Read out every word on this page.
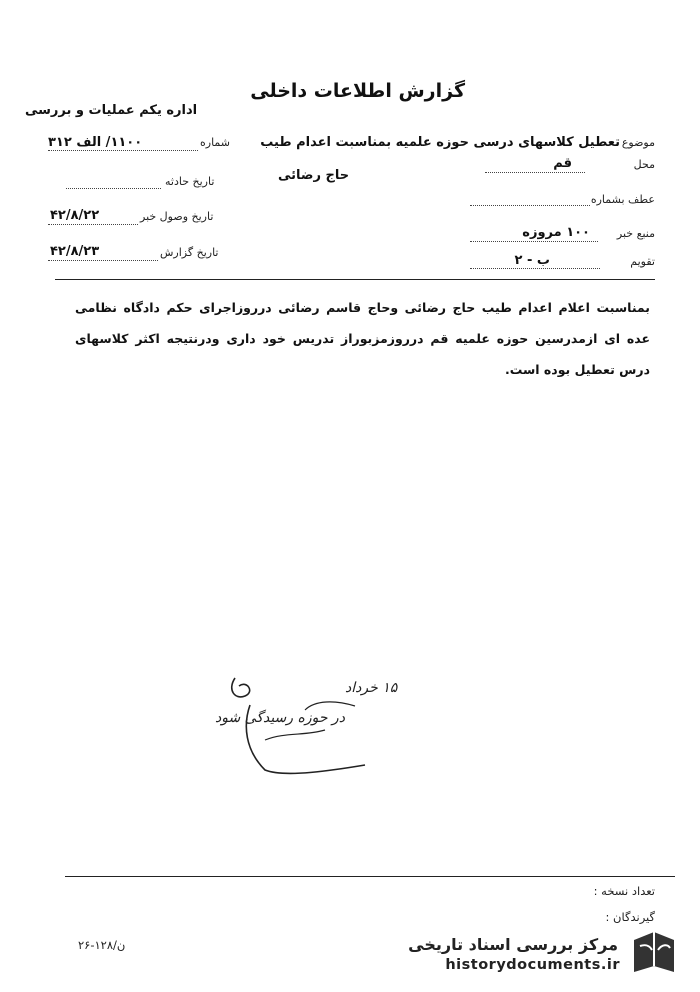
گزارش اطلاعات داخلی
اداره یکم عملیات و بررسی
شماره
۱۱۰۰/ الف ۳۱۲
تاریخ حادثه
تاریخ وصول خبر
۴۲/۸/۲۲
تاریخ گزارش
۴۲/۸/۲۳
موضوع
تعطیل کلاسهای درسی حوزه علمیه بمناسبت اعدام طیب
محل
قم
حاج رضائی
عطف بشماره
منبع خبر
۱۰۰ مروزه
تقویم
ب - ۲
بمناسبت اعلام اعدام طیب حاج رضائی وحاج قاسم رضائی درروزاجرای حکم دادگاه نظامی عده ای ازمدرسین حوزه علمیه قم درروزمزبوراز تدریس خود داری ودرنتیجه اکثر کلاسهای درس تعطیل بوده است.
۱۵ خرداد
در حوزه رسیدگی شود
تعداد نسخه :
گیرندگان :
۲۶-۱۲۸/ن	مرکز بررسی اسناد تاریخی
historydocuments.ir
